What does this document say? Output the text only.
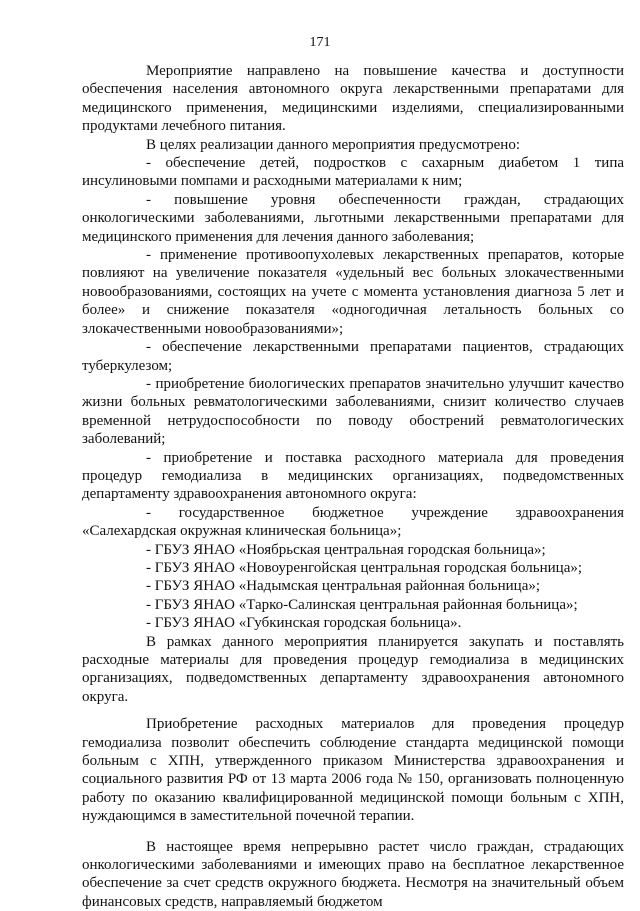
171

Мероприятие направлено на повышение качества и доступности обеспечения населения автономного округа лекарственными препаратами для медицинского применения, медицинскими изделиями, специализированными продуктами лечебного питания.

В целях реализации данного мероприятия предусмотрено:

- обеспечение детей, подростков с сахарным диабетом 1 типа инсулиновыми помпами и расходными материалами к ним;

- повышение уровня обеспеченности граждан, страдающих онкологическими заболеваниями, льготными лекарственными препаратами для медицинского применения для лечения данного заболевания;

- применение противоопухолевых лекарственных препаратов, которые повлияют на увеличение показателя «удельный вес больных злокачественными новообразованиями, состоящих на учете с момента установления диагноза 5 лет и более» и снижение показателя «одногодичная летальность больных со злокачественными новообразованиями»;

- обеспечение лекарственными препаратами пациентов, страдающих туберкулезом;

- приобретение биологических препаратов значительно улучшит качество жизни больных ревматологическими заболеваниями, снизит количество случаев временной нетрудоспособности по поводу обострений ревматологических заболеваний;

- приобретение и поставка расходного материала для проведения процедур гемодиализа в медицинских организациях, подведомственных департаменту здравоохранения автономного округа:

- государственное бюджетное учреждение здравоохранения «Салехардская окружная клиническая больница»;

- ГБУЗ ЯНАО «Ноябрьская центральная городская больница»;

- ГБУЗ ЯНАО «Новоуренгойская центральная городская больница»;

- ГБУЗ ЯНАО «Надымская центральная районная больница»;

- ГБУЗ ЯНАО «Тарко-Салинская центральная районная больница»;

- ГБУЗ ЯНАО «Губкинская городская больница».

В рамках данного мероприятия планируется закупать и поставлять расходные материалы для проведения процедур гемодиализа в медицинских организациях, подведомственных департаменту здравоохранения автономного округа.

Приобретение расходных материалов для проведения процедур гемодиализа позволит обеспечить соблюдение стандарта медицинской помощи больным с ХПН, утвержденного приказом Министерства здравоохранения и социального развития РФ от 13 марта 2006 года № 150, организовать полноценную работу по оказанию квалифицированной медицинской помощи больным с ХПН, нуждающимся в заместительной почечной терапии.

В настоящее время непрерывно растет число граждан, страдающих онкологическими заболеваниями и имеющих право на бесплатное лекарственное обеспечение за счет средств окружного бюджета. Несмотря на значительный объем финансовых средств, направляемый бюджетом
